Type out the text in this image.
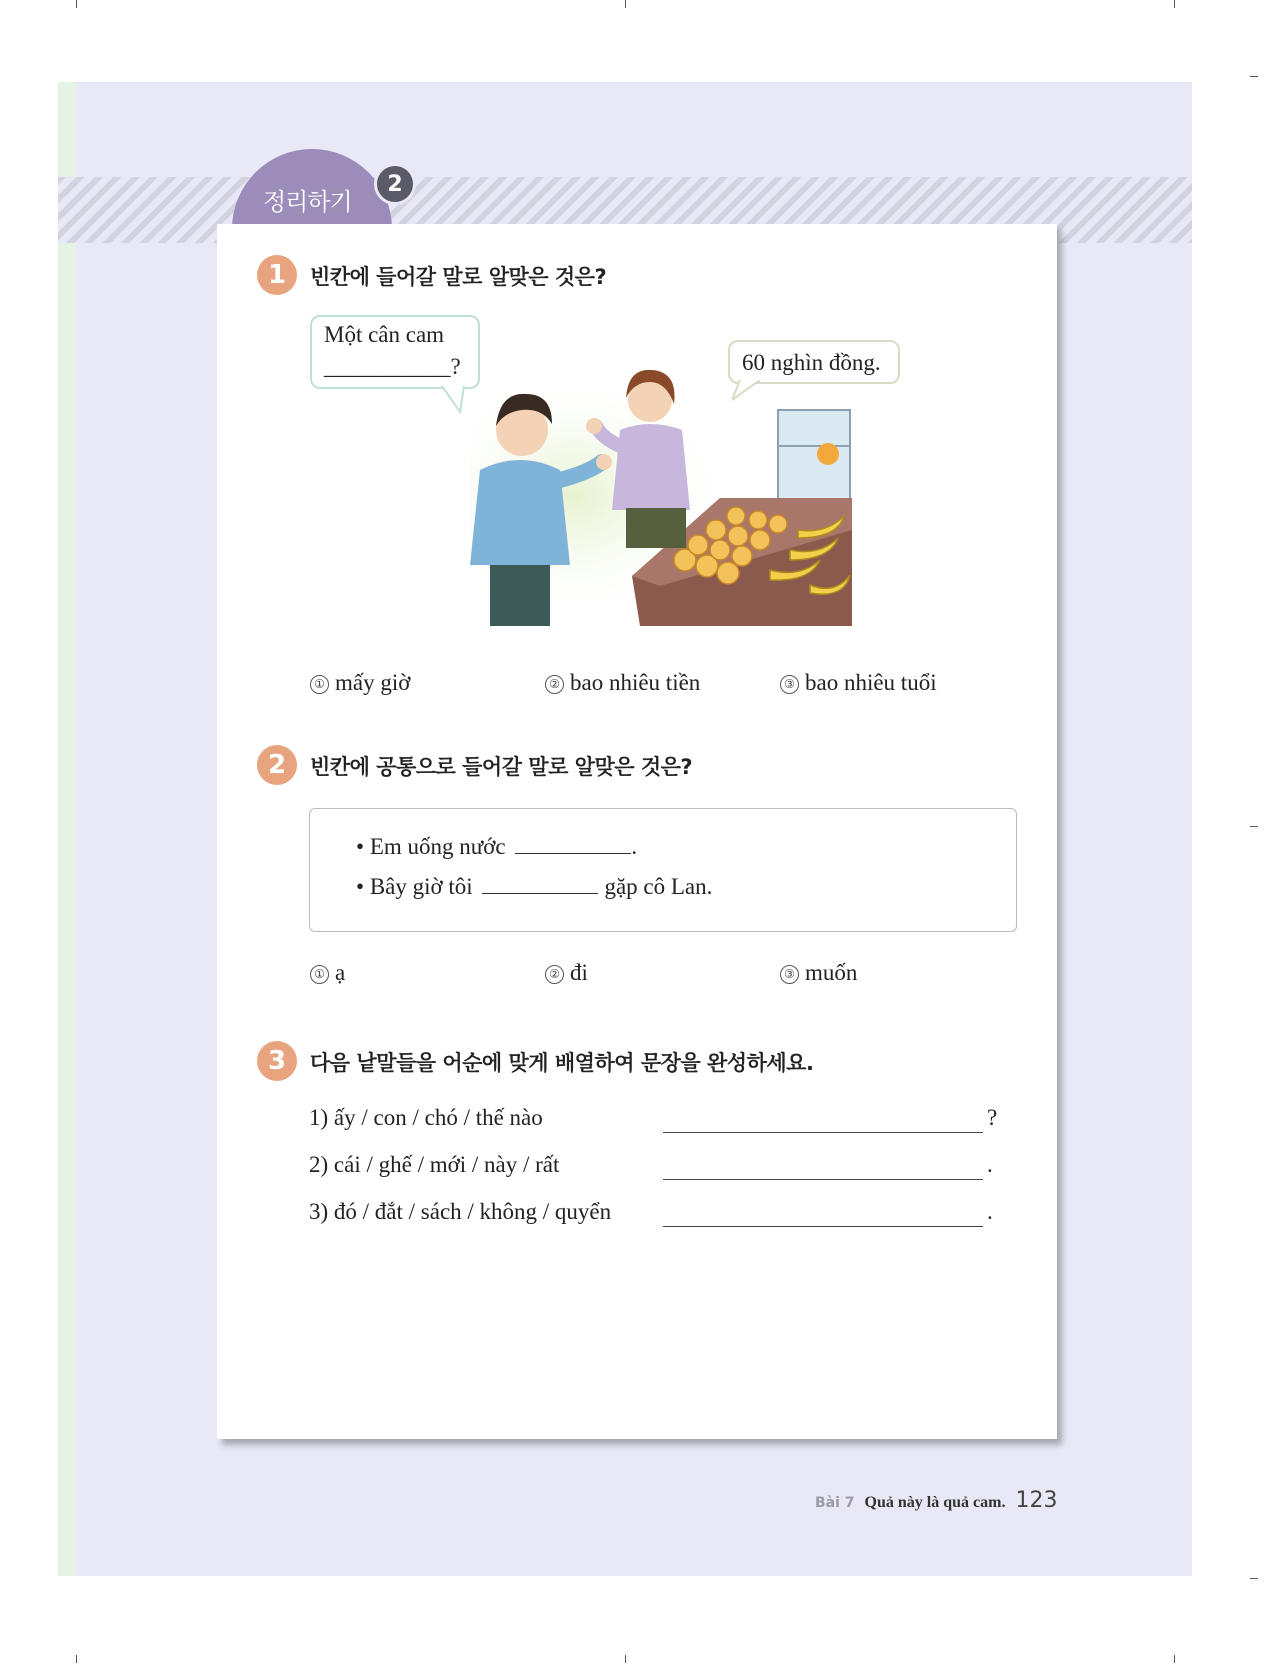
정리하기
2
1	빈칸에 들어갈 말로 알맞은 것은?
Một cân cam
___________?	60 nghìn đồng.
① mấy giờ	② bao nhiêu tiền	③ bao nhiêu tuổi
2	빈칸에 공통으로 들어갈 말로 알맞은 것은?
• Em uống nước	.
• Bây giờ tôi	gặp cô Lan.
① ạ	② đi	③ muốn
3	다음 낱말들을 어순에 맞게 배열하여 문장을 완성하세요.
1) ấy / con / chó / thế nào	?
2) cái / ghế / mới / này / rất	.
3) đó / đắt / sách / không / quyển	.
Bài 7 Quả này là quả cam. 123
